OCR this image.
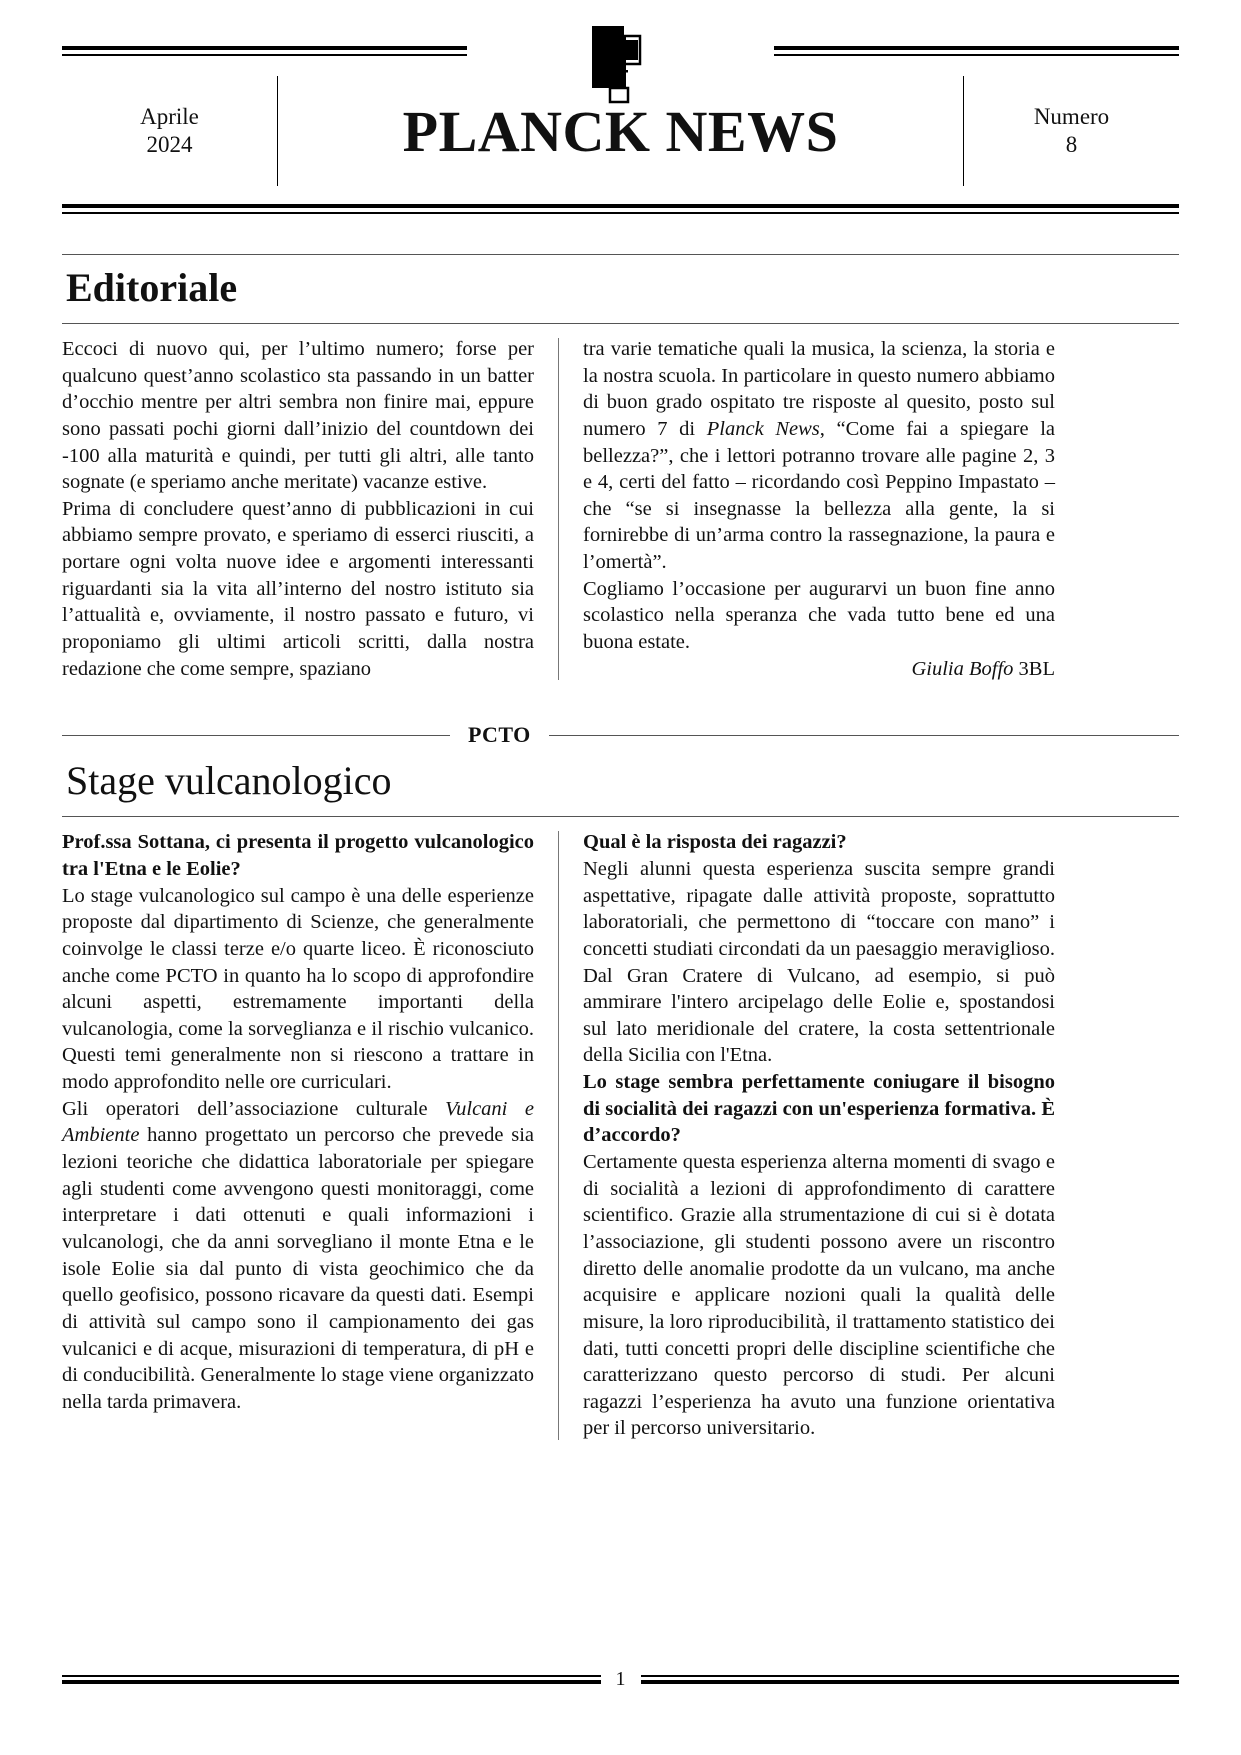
Aprile
2024	PLANCK NEWS	Numero
8
Editoriale

Eccoci di nuovo qui, per l’ultimo numero; forse per qualcuno quest’anno scolastico sta passando in un batter d’occhio mentre per altri sembra non finire mai, eppure sono passati pochi giorni dall’inizio del countdown dei -100 alla maturità e quindi, per tutti gli altri, alle tanto sognate (e speriamo anche meritate) vacanze estive.

Prima di concludere quest’anno di pubblicazioni in cui abbiamo sempre provato, e speriamo di esserci riusciti, a portare ogni volta nuove idee e argomenti interessanti riguardanti sia la vita all’interno del nostro istituto sia l’attualità e, ovviamente, il nostro passato e futuro, vi proponiamo gli ultimi articoli scritti, dalla nostra redazione che come sempre, spaziano

tra varie tematiche quali la musica, la scienza, la storia e la nostra scuola. In particolare in questo numero abbiamo di buon grado ospitato tre risposte al quesito, posto sul numero 7 di Planck News, “Come fai a spiegare la bellezza?”, che i lettori potranno trovare alle pagine 2, 3 e 4, certi del fatto – ricordando così Peppino Impastato – che “se si insegnasse la bellezza alla gente, la si fornirebbe di un’arma contro la rassegnazione, la paura e l’omertà”.

Cogliamo l’occasione per augurarvi un buon fine anno scolastico nella speranza che vada tutto bene ed una buona estate.

Giulia Boffo 3BL

PCTO
Stage vulcanologico

Prof.ssa Sottana, ci presenta il progetto vulcanologico tra l'Etna e le Eolie?

Lo stage vulcanologico sul campo è una delle esperienze proposte dal dipartimento di Scienze, che generalmente coinvolge le classi terze e/o quarte liceo. È riconosciuto anche come PCTO in quanto ha lo scopo di approfondire alcuni aspetti, estremamente importanti della vulcanologia, come la sorveglianza e il rischio vulcanico. Questi temi generalmente non si riescono a trattare in modo approfondito nelle ore curriculari.

Gli operatori dell’associazione culturale Vulcani e Ambiente hanno progettato un percorso che prevede sia lezioni teoriche che didattica laboratoriale per spiegare agli studenti come avvengono questi monitoraggi, come interpretare i dati ottenuti e quali informazioni i vulcanologi, che da anni sorvegliano il monte Etna e le isole Eolie sia dal punto di vista geochimico che da quello geofisico, possono ricavare da questi dati. Esempi di attività sul campo sono il campionamento dei gas vulcanici e di acque, misurazioni di temperatura, di pH e di conducibilità. Generalmente lo stage viene organizzato nella tarda primavera.

Qual è la risposta dei ragazzi?

Negli alunni questa esperienza suscita sempre grandi aspettative, ripagate dalle attività proposte, soprattutto laboratoriali, che permettono di “toccare con mano” i concetti studiati circondati da un paesaggio meraviglioso. Dal Gran Cratere di Vulcano, ad esempio, si può ammirare l'intero arcipelago delle Eolie e, spostandosi sul lato meridionale del cratere, la costa settentrionale della Sicilia con l'Etna.

Lo stage sembra perfettamente coniugare il bisogno di socialità dei ragazzi con un'esperienza formativa. È d’accordo?

Certamente questa esperienza alterna momenti di svago e di socialità a lezioni di approfondimento di carattere scientifico. Grazie alla strumentazione di cui si è dotata l’associazione, gli studenti possono avere un riscontro diretto delle anomalie prodotte da un vulcano, ma anche acquisire e applicare nozioni quali la qualità delle misure, la loro riproducibilità, il trattamento statistico dei dati, tutti concetti propri delle discipline scientifiche che caratterizzano questo percorso di studi. Per alcuni ragazzi l’esperienza ha avuto una funzione orientativa per il percorso universitario.

1
